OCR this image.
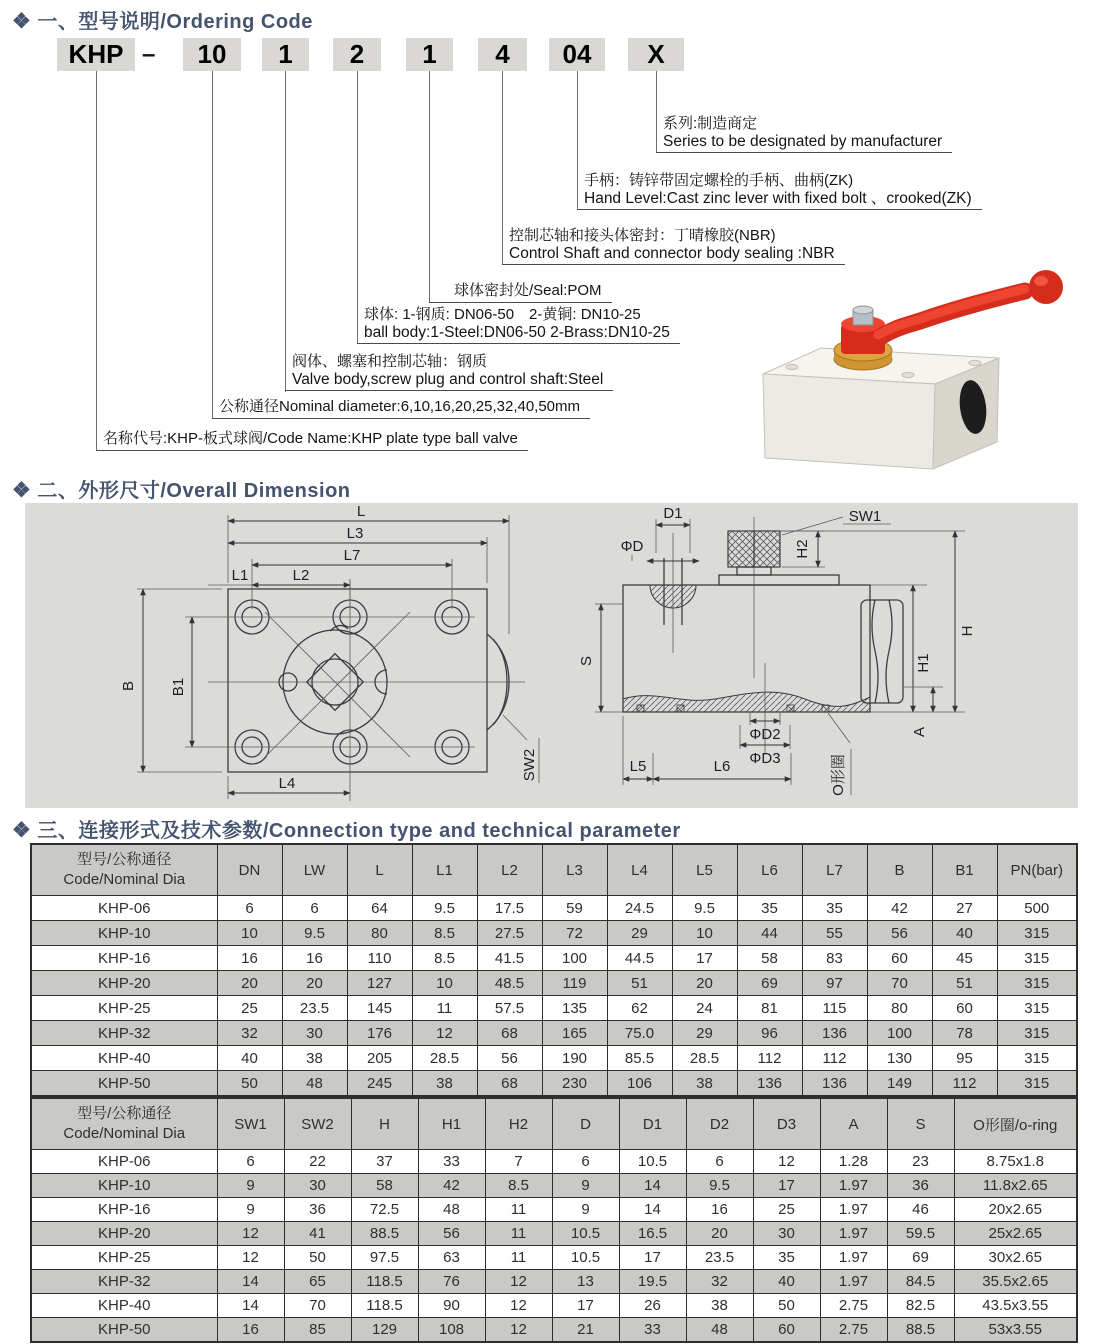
❖ 一、型号说明/Ordering Code
KHP –	10	1	2	1	4	04	X
系列:制造商定
Series to be designated by manufacturer
手柄：铸锌带固定螺栓的手柄、曲柄(ZK)
Hand Level:Cast zinc lever with fixed bolt 、crooked(ZK)
控制芯轴和接头体密封：丁晴橡胶(NBR)
Control Shaft and connector body sealing :NBR
球体密封处/Seal:POM
球体: 1-钢质: DN06-50　2-黄铜: DN10-25
ball body:1-Steel:DN06-50 2-Brass:DN10-25
阀体、螺塞和控制芯轴：钢质
Valve body,screw plug and control shaft:Steel
公称通径Nominal diameter:6,10,16,20,25,32,40,50mm
名称代号:KHP-板式球阀/Code Name:KHP plate type ball valve
❖ 二、外形尺寸/Overall Dimension
L
L3
L7
L1	L2
B B1
L4
SW2
D1
ΦD
SW1
H2
S	H1
H
A
ΦD2
ΦD3
L5	L6	O形圈
❖ 三、连接形式及技术参数/Connection type and technical parameter
型号/公称通径
Code/Nominal Dia	DN	LW	L	L1	L2	L3	L4	L5	L6	L7	B	B1	PN(bar)
KHP-06	6	6	64	9.5	17.5	59	24.5	9.5	35	35	42	27	500
KHP-10	10	9.5	80	8.5	27.5	72	29	10	44	55	56	40	315
KHP-16	16	16	110	8.5	41.5	100	44.5	17	58	83	60	45	315
KHP-20	20	20	127	10	48.5	119	51	20	69	97	70	51	315
KHP-25	25	23.5	145	11	57.5	135	62	24	81	115	80	60	315
KHP-32	32	30	176	12	68	165	75.0	29	96	136	100	78	315
KHP-40	40	38	205	28.5	56	190	85.5	28.5	112	112	130	95	315
KHP-50	50	48	245	38	68	230	106	38	136	136	149	112	315
型号/公称通径
Code/Nominal Dia	SW1	SW2	H	H1	H2	D	D1	D2	D3	A	S	O形圈/o-ring
KHP-06	6	22	37	33	7	6	10.5	6	12	1.28	23	8.75x1.8
KHP-10	9	30	58	42	8.5	9	14	9.5	17	1.97	36	11.8x2.65
KHP-16	9	36	72.5	48	11	9	14	16	25	1.97	46	20x2.65
KHP-20	12	41	88.5	56	11	10.5	16.5	20	30	1.97	59.5	25x2.65
KHP-25	12	50	97.5	63	11	10.5	17	23.5	35	1.97	69	30x2.65
KHP-32	14	65	118.5	76	12	13	19.5	32	40	1.97	84.5	35.5x2.65
KHP-40	14	70	118.5	90	12	17	26	38	50	2.75	82.5	43.5x3.55
KHP-50	16	85	129	108	12	21	33	48	60	2.75	88.5	53x3.55
